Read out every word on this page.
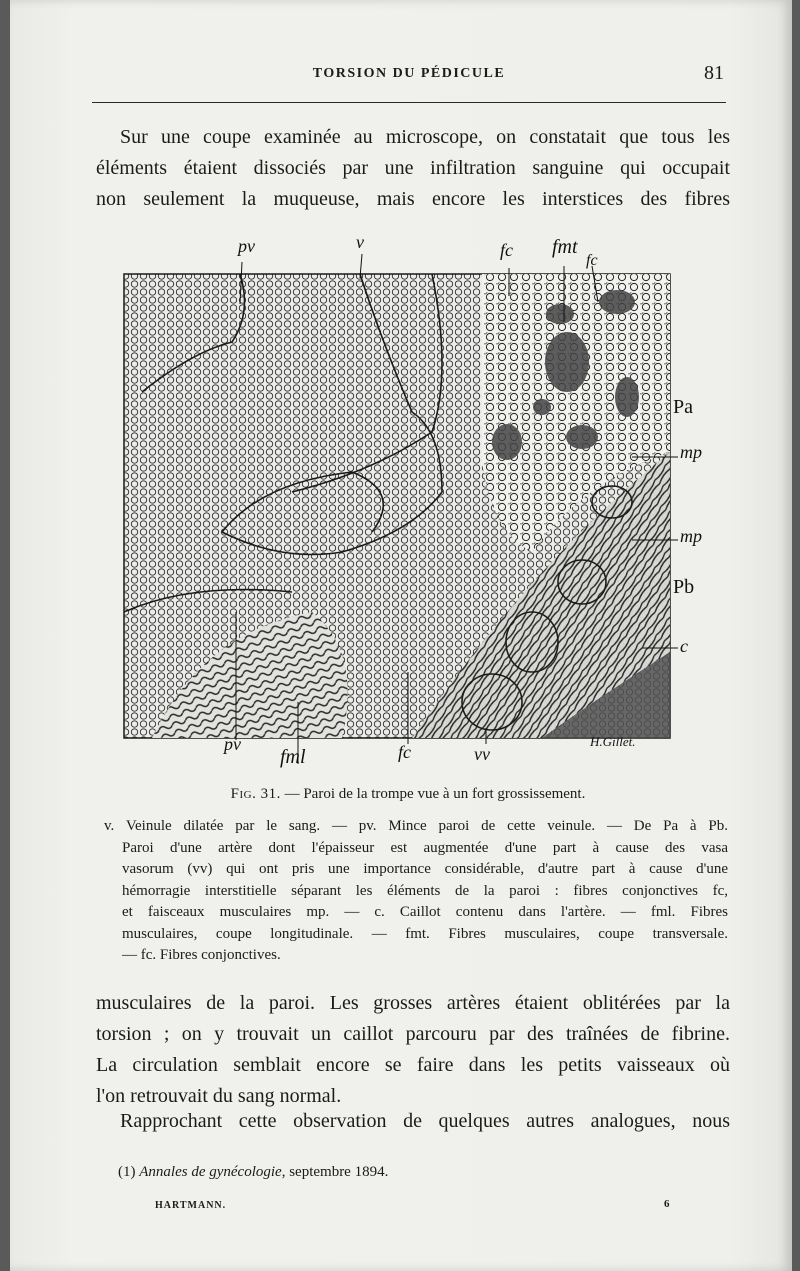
TORSION DU PÉDICULE	81
Sur une coupe examinée au microscope, on constatait que tous les
éléments étaient dissociés par une infiltration sanguine qui occupait
non seulement la muqueuse, mais encore les interstices des fibres
pv	v	fc fmt
fc
Pa
mp
mp
Pb
c
pv
fml	fc	vv
H.Gillet.
Fig. 31. — Paroi de la trompe vue à un fort grossissement.
v. Veinule dilatée par le sang. — pv. Mince paroi de cette veinule. — De Pa à Pb.
Paroi d'une artère dont l'épaisseur est augmentée d'une part à cause des vasa
vasorum (vv) qui ont pris une importance considérable, d'autre part à cause d'une
hémorragie interstitielle séparant les éléments de la paroi : fibres conjonctives fc,
et faisceaux musculaires mp. — c. Caillot contenu dans l'artère. — fml. Fibres
musculaires, coupe longitudinale. — fmt. Fibres musculaires, coupe transversale.
— fc. Fibres conjonctives.
musculaires de la paroi. Les grosses artères étaient oblitérées par la
torsion ; on y trouvait un caillot parcouru par des traînées de fibrine.
La circulation semblait encore se faire dans les petits vaisseaux où
l'on retrouvait du sang normal.
Rapprochant cette observation de quelques autres analogues, nous
(1) Annales de gynécologie, septembre 1894.
HARTMANN.	6
